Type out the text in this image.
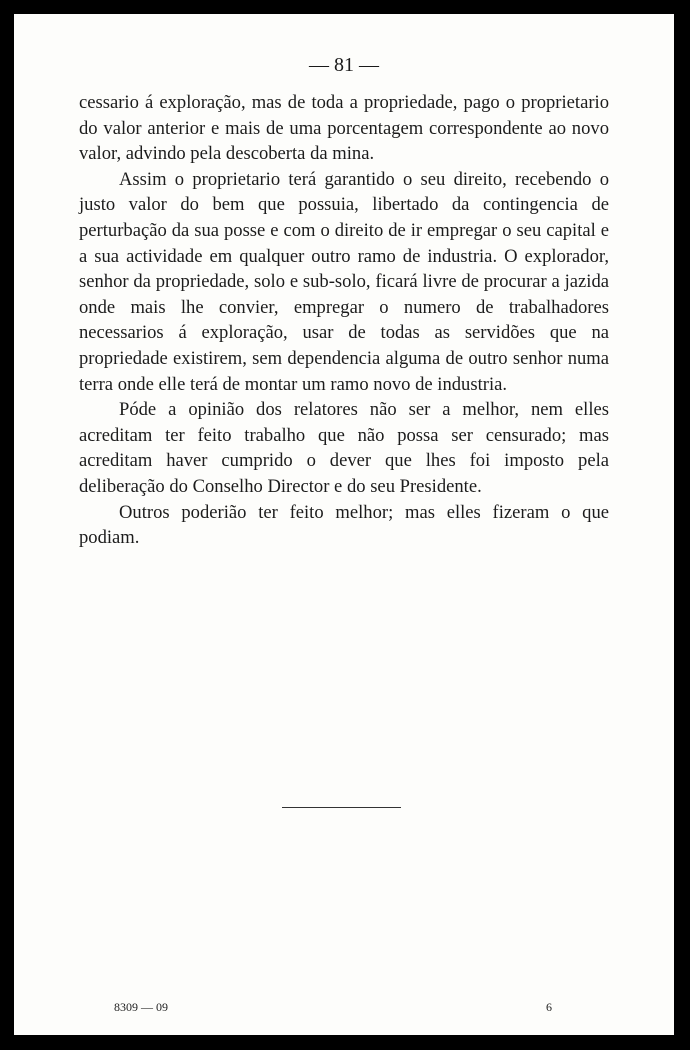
— 81 —

cessario á exploração, mas de toda a propriedade, pago o proprietario do valor anterior e mais de uma porcentagem correspondente ao novo valor, advindo pela descoberta da mina.

Assim o proprietario terá garantido o seu direito, recebendo o justo valor do bem que possuia, libertado da contingencia de perturbação da sua posse e com o direito de ir empregar o seu capital e a sua actividade em qualquer outro ramo de industria. O explorador, senhor da propriedade, solo e sub-solo, ficará livre de procurar a jazida onde mais lhe convier, empregar o numero de trabalhadores necessarios á exploração, usar de todas as servidões que na propriedade existirem, sem dependencia alguma de outro senhor numa terra onde elle terá de montar um ramo novo de industria.

Póde a opinião dos relatores não ser a melhor, nem elles acreditam ter feito trabalho que não possa ser censurado; mas acreditam haver cumprido o dever que lhes foi imposto pela deliberação do Conselho Director e do seu Presidente.

Outros poderião ter feito melhor; mas elles fizeram o que podiam.

8309 — 09	6
